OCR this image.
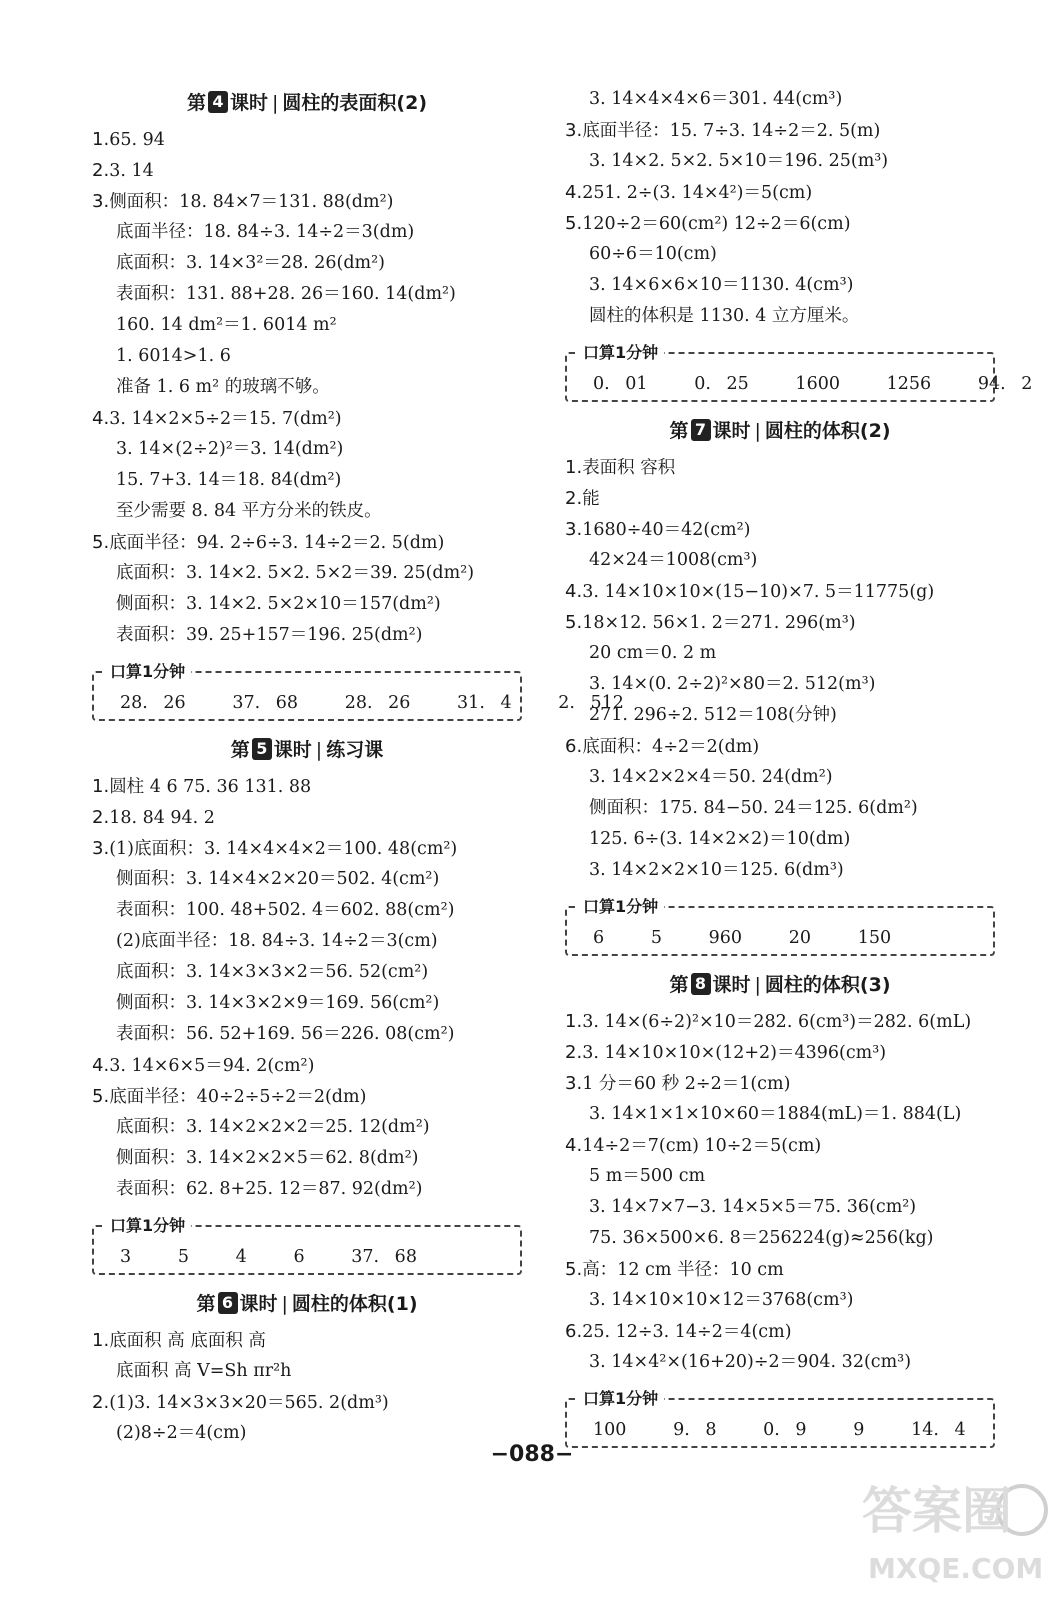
第 4 课时 | 圆柱的表面积(2)
1.65. 94
2.3. 14
3.侧面积：18. 84×7＝131. 88(dm²)
底面半径：18. 84÷3. 14÷2＝3(dm)
底面积：3. 14×3²＝28. 26(dm²)
表面积：131. 88+28. 26＝160. 14(dm²)
160. 14 dm²＝1. 6014 m²
1. 6014>1. 6
准备 1. 6 m² 的玻璃不够。
4.3. 14×2×5÷2＝15. 7(dm²)
3. 14×(2÷2)²＝3. 14(dm²)
15. 7+3. 14＝18. 84(dm²)
至少需要 8. 84 平方分米的铁皮。
5.底面半径：94. 2÷6÷3. 14÷2＝2. 5(dm)
底面积：3. 14×2. 5×2. 5×2＝39. 25(dm²)
侧面积：3. 14×2. 5×2×10＝157(dm²)
表面积：39. 25+157＝196. 25(dm²)
口算1分钟
28. 26   37. 68   28. 26   31. 4   2. 512
第 5 课时 | 练习课
1.圆柱 4 6 75. 36 131. 88
2.18. 84 94. 2
3.(1)底面积：3. 14×4×4×2＝100. 48(cm²)
侧面积：3. 14×4×2×20＝502. 4(cm²)
表面积：100. 48+502. 4＝602. 88(cm²)
(2)底面半径：18. 84÷3. 14÷2＝3(cm)
底面积：3. 14×3×3×2＝56. 52(cm²)
侧面积：3. 14×3×2×9＝169. 56(cm²)
表面积：56. 52+169. 56＝226. 08(cm²)
4.3. 14×6×5＝94. 2(cm²)
5.底面半径：40÷2÷5÷2＝2(dm)
底面积：3. 14×2×2×2＝25. 12(dm²)
侧面积：3. 14×2×2×5＝62. 8(dm²)
表面积：62. 8+25. 12＝87. 92(dm²)
口算1分钟
3   5   4   6   37. 68
第 6 课时 | 圆柱的体积(1)
1.底面积 高 底面积 高
底面积 高 V=Sh πr²h
2.(1)3. 14×3×3×20＝565. 2(dm³)
(2)8÷2＝4(cm)
3. 14×4×4×6＝301. 44(cm³)
3.底面半径：15. 7÷3. 14÷2＝2. 5(m)
3. 14×2. 5×2. 5×10＝196. 25(m³)
4.251. 2÷(3. 14×4²)＝5(cm)
5.120÷2＝60(cm²) 12÷2＝6(cm)
60÷6＝10(cm)
3. 14×6×6×10＝1130. 4(cm³)
圆柱的体积是 1130. 4 立方厘米。
口算1分钟
0. 01   0. 25   1600   1256   94. 2
第 7 课时 | 圆柱的体积(2)
1.表面积 容积
2.能
3.1680÷40＝42(cm²)
42×24＝1008(cm³)
4.3. 14×10×10×(15−10)×7. 5＝11775(g)
5.18×12. 56×1. 2＝271. 296(m³)
20 cm＝0. 2 m
3. 14×(0. 2÷2)²×80＝2. 512(m³)
271. 296÷2. 512＝108(分钟)
6.底面积：4÷2＝2(dm)
3. 14×2×2×4＝50. 24(dm²)
侧面积：175. 84−50. 24＝125. 6(dm²)
125. 6÷(3. 14×2×2)＝10(dm)
3. 14×2×2×10＝125. 6(dm³)
口算1分钟
6   5   960   20   150
第 8 课时 | 圆柱的体积(3)
1.3. 14×(6÷2)²×10＝282. 6(cm³)＝282. 6(mL)
2.3. 14×10×10×(12+2)＝4396(cm³)
3.1 分＝60 秒 2÷2＝1(cm)
3. 14×1×1×10×60＝1884(mL)＝1. 884(L)
4.14÷2＝7(cm) 10÷2＝5(cm)
5 m＝500 cm
3. 14×7×7−3. 14×5×5＝75. 36(cm²)
75. 36×500×6. 8＝256224(g)≈256(kg)
5.高：12 cm 半径：10 cm
3. 14×10×10×12＝3768(cm³)
6.25. 12÷3. 14÷2＝4(cm)
3. 14×4²×(16+20)÷2＝904. 32(cm³)
口算1分钟
100   9. 8   0. 9   9   14. 4
−088−
答案圈
MXQE.COM
